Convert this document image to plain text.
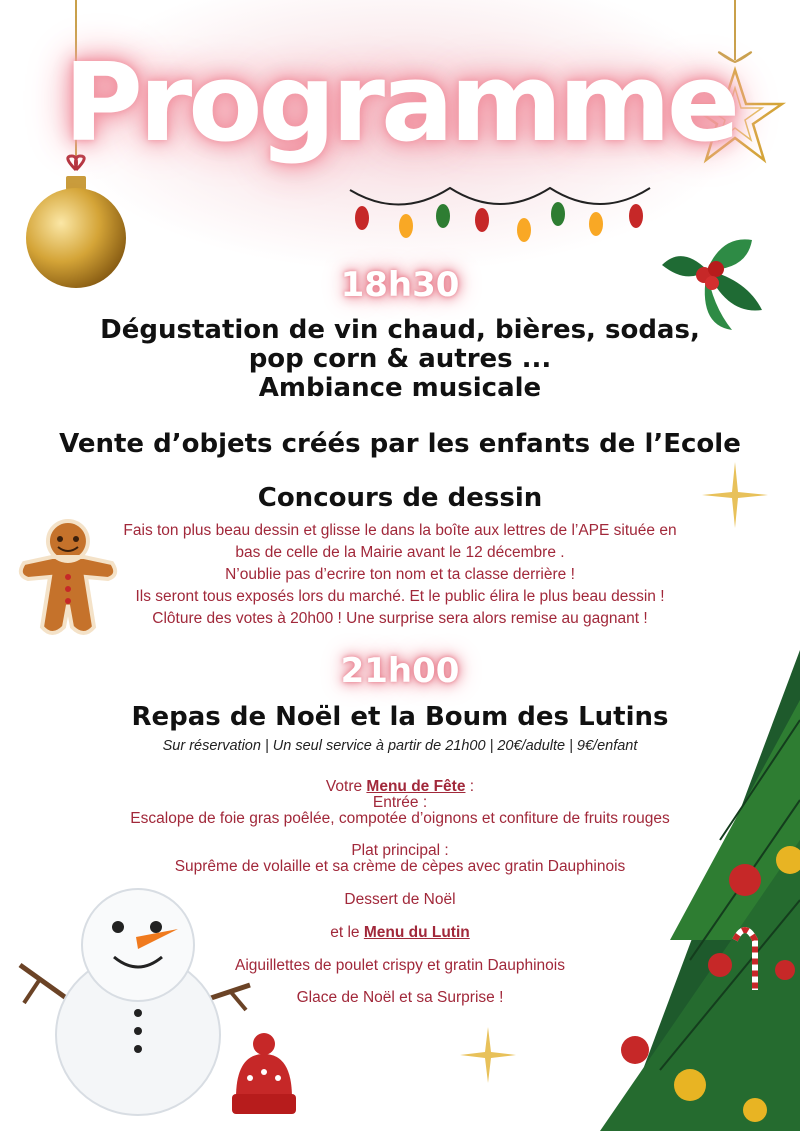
Programme
18h30
Dégustation de vin chaud, bières, sodas,
pop corn & autres ...
Ambiance musicale
Vente d’objets créés par les enfants de l’Ecole
Concours de dessin
Fais ton plus beau dessin et glisse le dans la boîte aux lettres de l’APE située en
bas de celle de la Mairie avant le 12 décembre .
N’oublie pas d’ecrire ton nom et ta classe derrière !
Ils seront tous exposés lors du marché. Et le public élira le plus beau dessin !
Clôture des votes à 20h00 ! Une surprise sera alors remise au gagnant !
21h00
Repas de Noël et la Boum des Lutins
Sur réservation | Un seul service à partir de 21h00 | 20€/adulte | 9€/enfant
Votre Menu de Fête :
Entrée :
Escalope de foie gras poêlée, compotée d’oignons et confiture de fruits rouges
Plat principal :
Suprême de volaille et sa crème de cèpes avec gratin Dauphinois
Dessert de Noël
et le Menu du Lutin
Aiguillettes de poulet crispy et gratin Dauphinois
Glace de Noël et sa Surprise !
